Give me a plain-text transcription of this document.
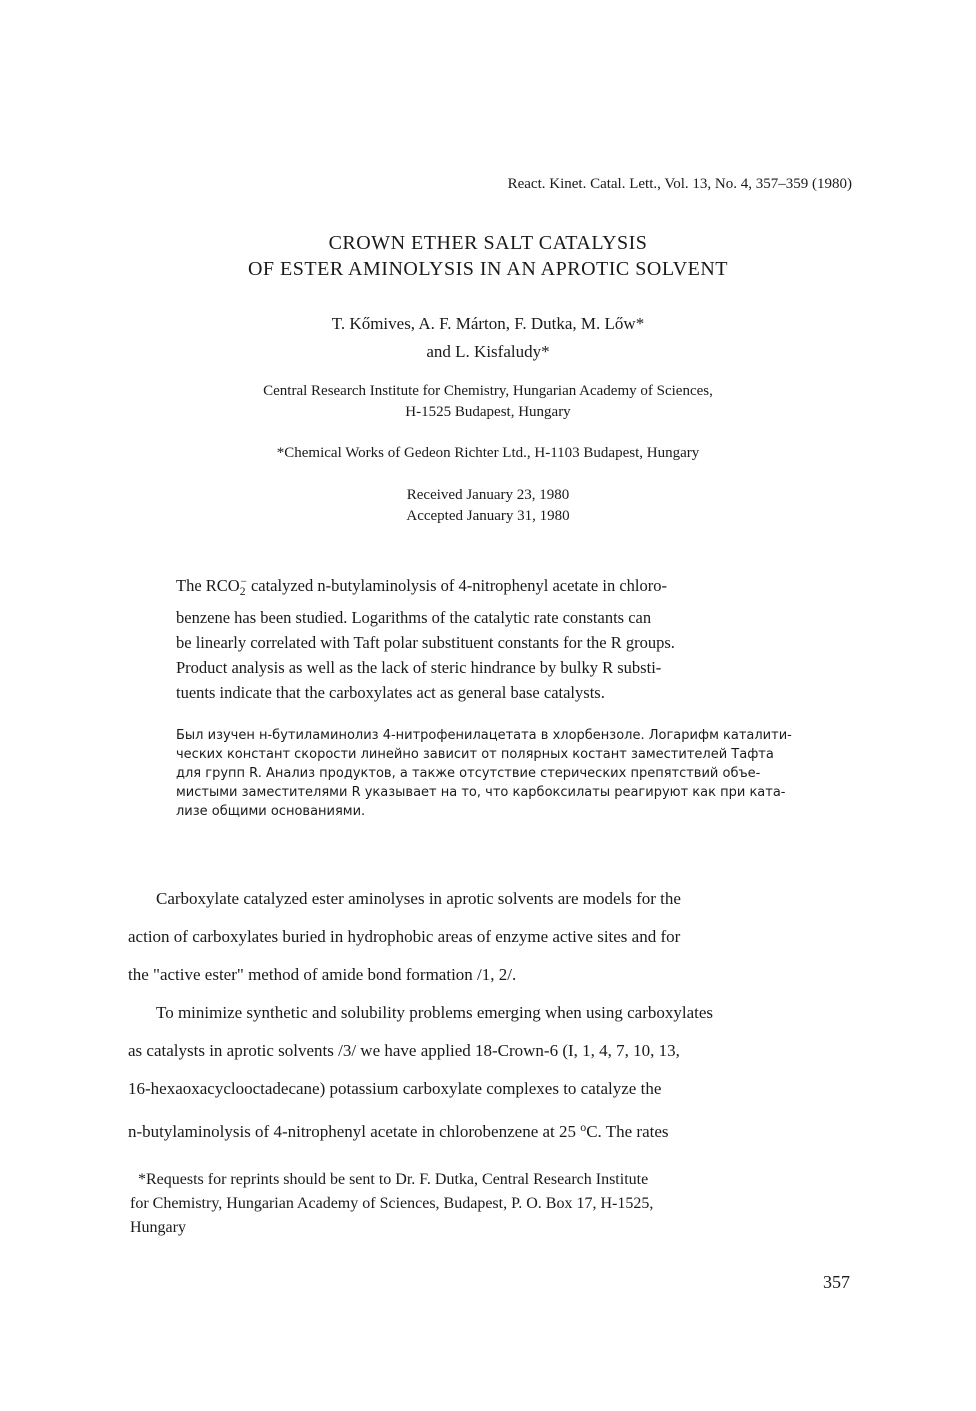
React. Kinet. Catal. Lett., Vol. 13, No. 4, 357–359 (1980)
CROWN ETHER SALT CATALYSIS
OF ESTER AMINOLYSIS IN AN APROTIC SOLVENT
T. Kőmives, A. F. Márton, F. Dutka, M. Lőw*
and L. Kisfaludy*
Central Research Institute for Chemistry, Hungarian Academy of Sciences,
H-1525 Budapest, Hungary
*Chemical Works of Gedeon Richter Ltd., H-1103 Budapest, Hungary
Received January 23, 1980
Accepted January 31, 1980
The $RCO_2^-$ catalyzed n-butylaminolysis of 4-nitrophenyl acetate in chloro-
benzene has been studied. Logarithms of the catalytic rate constants can
be linearly correlated with Taft polar substituent constants for the R groups.
Product analysis as well as the lack of steric hindrance by bulky R substi-
tuents indicate that the carboxylates act as general base catalysts.
Был изучен н-бутиламинолиз 4-нитрофенилацетата в хлорбензоле. Логарифм каталити-
ческих констант скорости линейно зависит от полярных костант заместителей Тафта
для групп R. Анализ продуктов, а также отсутствие стерических препятствий объе-
мистыми заместителями R указывает на то, что карбоксилаты реагируют как при ката-
лизе общими основаниями.
Carboxylate catalyzed ester aminolyses in aprotic solvents are models for the
action of carboxylates buried in hydrophobic areas of enzyme active sites and for
the "active ester" method of amide bond formation /1, 2/.
To minimize synthetic and solubility problems emerging when using carboxylates
as catalysts in aprotic solvents /3/ we have applied 18-Crown-6 (I, 1, 4, 7, 10, 13,
16-hexaoxacyclooctadecane) potassium carboxylate complexes to catalyze the
n-butylaminolysis of 4-nitrophenyl acetate in chlorobenzene at 25 $^o$C. The rates
*Requests for reprints should be sent to Dr. F. Dutka, Central Research Institute
for Chemistry, Hungarian Academy of Sciences, Budapest, P. O. Box 17, H-1525,
Hungary
357
